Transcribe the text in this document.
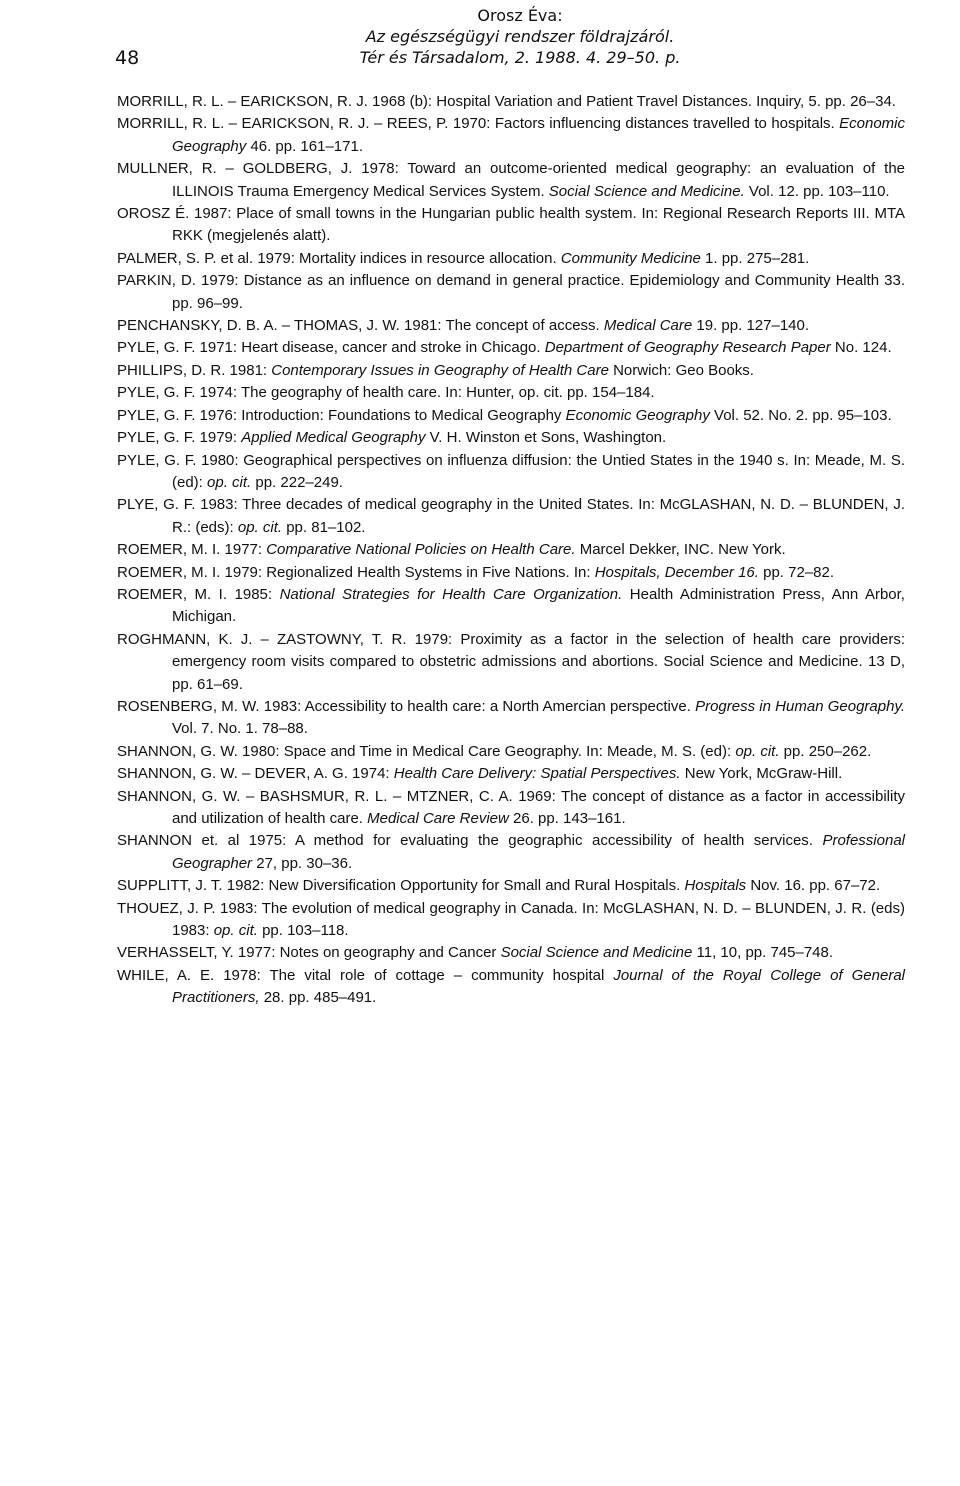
48
Orosz Éva:
Az egészségügyi rendszer földrajzáról.
Tér és Társadalom, 2. 1988. 4. 29–50. p.

MORRILL, R. L. – EARICKSON, R. J. 1968 (b): Hospital Variation and Patient Travel Distances. Inquiry, 5. pp. 26–34.

MORRILL, R. L. – EARICKSON, R. J. – REES, P. 1970: Factors influencing distances travelled to hospitals. Economic Geography 46. pp. 161–171.

MULLNER, R. – GOLDBERG, J. 1978: Toward an outcome-oriented medical geography: an evaluation of the ILLINOIS Trauma Emergency Medical Services System. Social Science and Medicine. Vol. 12. pp. 103–110.

OROSZ É. 1987: Place of small towns in the Hungarian public health system. In: Regional Research Reports III. MTA RKK (megjelenés alatt).

PALMER, S. P. et al. 1979: Mortality indices in resource allocation. Community Medicine 1. pp. 275–281.

PARKIN, D. 1979: Distance as an influence on demand in general practice. Epidemiology and Community Health 33. pp. 96–99.

PENCHANSKY, D. B. A. – THOMAS, J. W. 1981: The concept of access. Medical Care 19. pp. 127–140.

PYLE, G. F. 1971: Heart disease, cancer and stroke in Chicago. Department of Geography Research Paper No. 124.

PHILLIPS, D. R. 1981: Contemporary Issues in Geography of Health Care Norwich: Geo Books.

PYLE, G. F. 1974: The geography of health care. In: Hunter, op. cit. pp. 154–184.

PYLE, G. F. 1976: Introduction: Foundations to Medical Geography Economic Geography Vol. 52. No. 2. pp. 95–103.

PYLE, G. F. 1979: Applied Medical Geography V. H. Winston et Sons, Washington.

PYLE, G. F. 1980: Geographical perspectives on influenza diffusion: the Untied States in the 1940 s. In: Meade, M. S. (ed): op. cit. pp. 222–249.

PLYE, G. F. 1983: Three decades of medical geography in the United States. In: McGLASHAN, N. D. – BLUNDEN, J. R.: (eds): op. cit. pp. 81–102.

ROEMER, M. I. 1977: Comparative National Policies on Health Care. Marcel Dekker, INC. New York.

ROEMER, M. I. 1979: Regionalized Health Systems in Five Nations. In: Hospitals, December 16. pp. 72–82.

ROEMER, M. I. 1985: National Strategies for Health Care Organization. Health Administration Press, Ann Arbor, Michigan.

ROGHMANN, K. J. – ZASTOWNY, T. R. 1979: Proximity as a factor in the selection of health care providers: emergency room visits compared to obstetric admissions and abortions. Social Science and Medicine. 13 D, pp. 61–69.

ROSENBERG, M. W. 1983: Accessibility to health care: a North Amercian perspective. Progress in Human Geography. Vol. 7. No. 1. 78–88.

SHANNON, G. W. 1980: Space and Time in Medical Care Geography. In: Meade, M. S. (ed): op. cit. pp. 250–262.

SHANNON, G. W. – DEVER, A. G. 1974: Health Care Delivery: Spatial Perspectives. New York, McGraw-Hill.

SHANNON, G. W. – BASHSMUR, R. L. – MTZNER, C. A. 1969: The concept of distance as a factor in accessibility and utilization of health care. Medical Care Review 26. pp. 143–161.

SHANNON et. al 1975: A method for evaluating the geographic accessibility of health services. Professional Geographer 27, pp. 30–36.

SUPPLITT, J. T. 1982: New Diversification Opportunity for Small and Rural Hospitals. Hospitals Nov. 16. pp. 67–72.

THOUEZ, J. P. 1983: The evolution of medical geography in Canada. In: McGLASHAN, N. D. – BLUNDEN, J. R. (eds) 1983: op. cit. pp. 103–118.

VERHASSELT, Y. 1977: Notes on geography and Cancer Social Science and Medicine 11, 10, pp. 745–748.

WHILE, A. E. 1978: The vital role of cottage – community hospital Journal of the Royal College of General Practitioners, 28. pp. 485–491.
